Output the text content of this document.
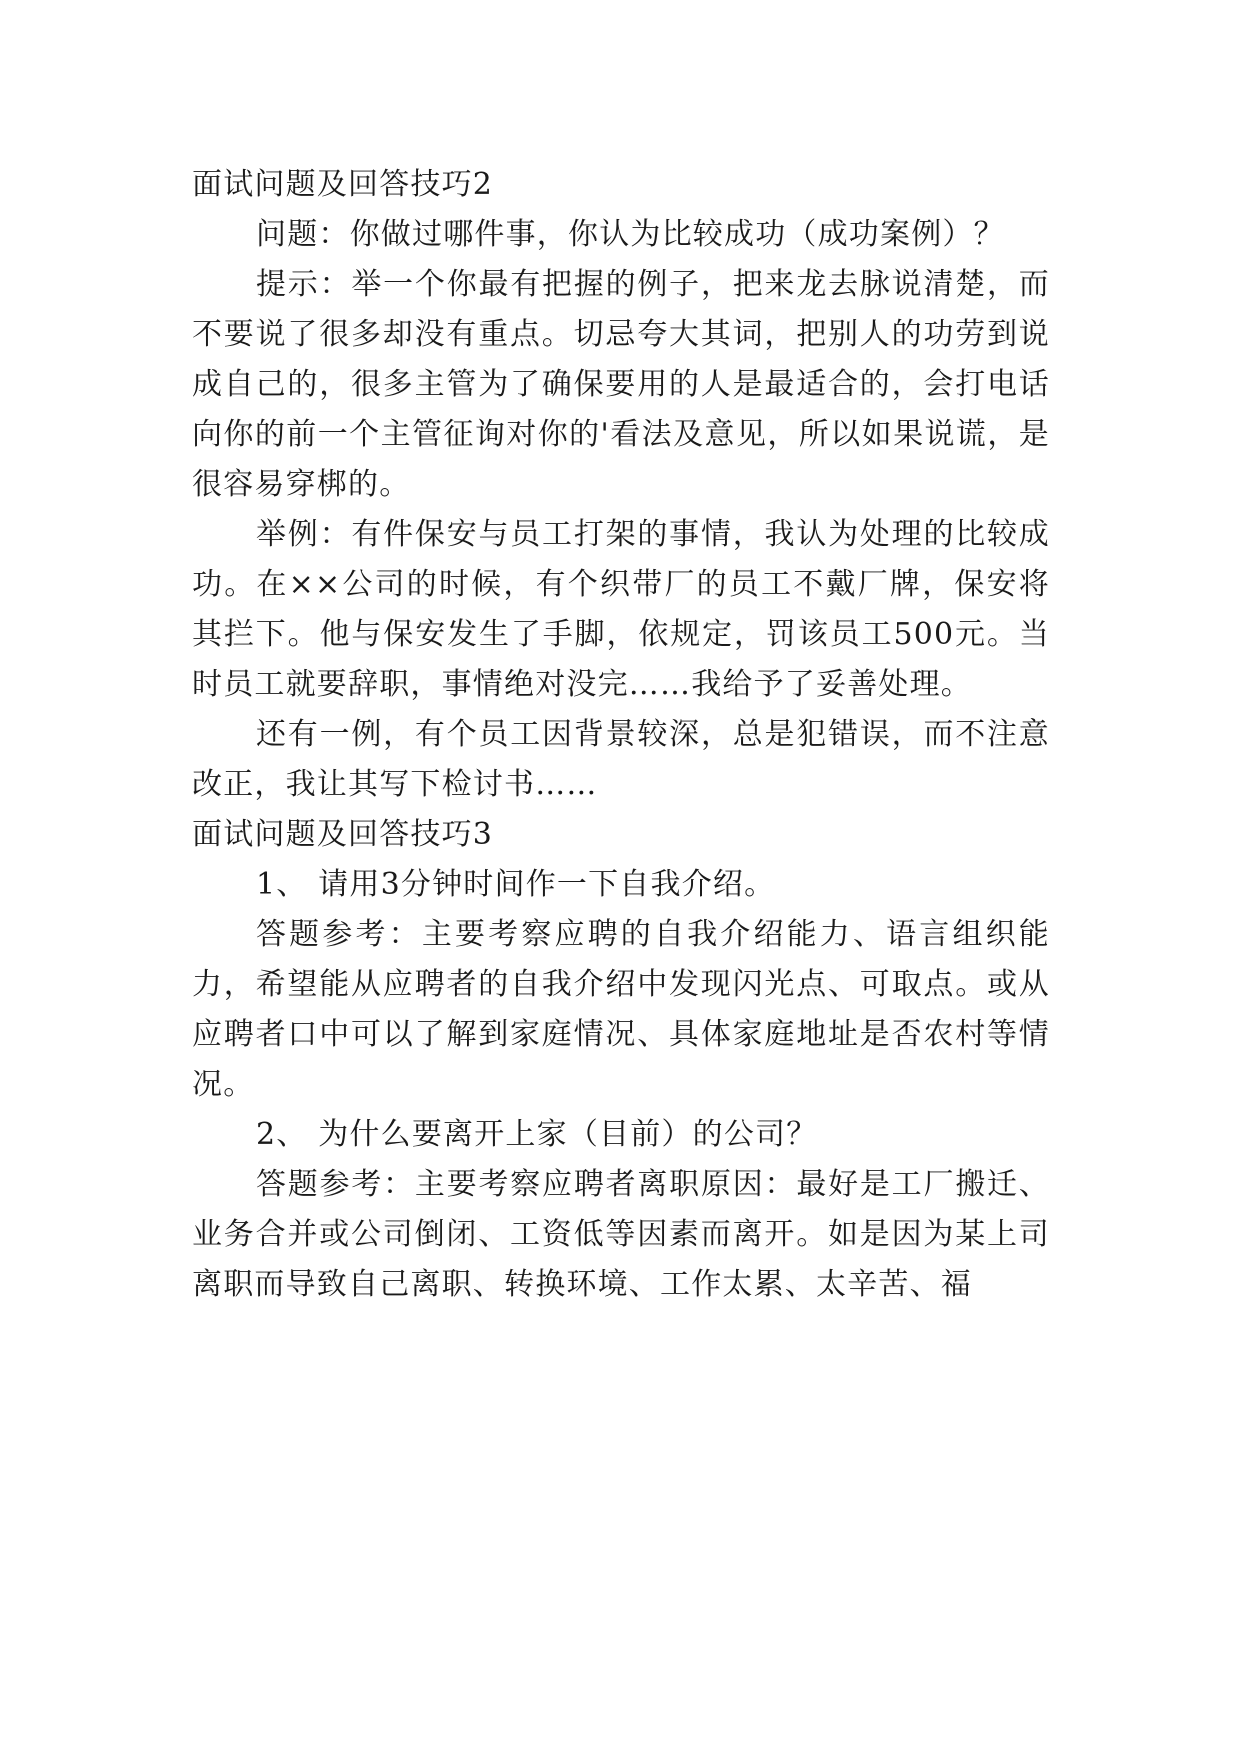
面试问题及回答技巧2

问题：你做过哪件事，你认为比较成功（成功案例）？

提示：举一个你最有把握的例子，把来龙去脉说清楚，而不要说了很多却没有重点。切忌夸大其词，把别人的功劳到说成自己的，很多主管为了确保要用的人是最适合的，会打电话向你的前一个主管征询对你的'看法及意见，所以如果说谎，是很容易穿梆的。

举例：有件保安与员工打架的事情，我认为处理的比较成功。在××公司的时候，有个织带厂的员工不戴厂牌，保安将其拦下。他与保安发生了手脚，依规定，罚该员工500元。当时员工就要辞职，事情绝对没完……我给予了妥善处理。

还有一例，有个员工因背景较深，总是犯错误，而不注意改正，我让其写下检讨书……

面试问题及回答技巧3

1、 请用3分钟时间作一下自我介绍。

答题参考：主要考察应聘的自我介绍能力、语言组织能力，希望能从应聘者的自我介绍中发现闪光点、可取点。或从应聘者口中可以了解到家庭情况、具体家庭地址是否农村等情况。

2、 为什么要离开上家（目前）的公司？

答题参考：主要考察应聘者离职原因：最好是工厂搬迁、业务合并或公司倒闭、工资低等因素而离开。如是因为某上司离职而导致自己离职、转换环境、工作太累、太辛苦、福
